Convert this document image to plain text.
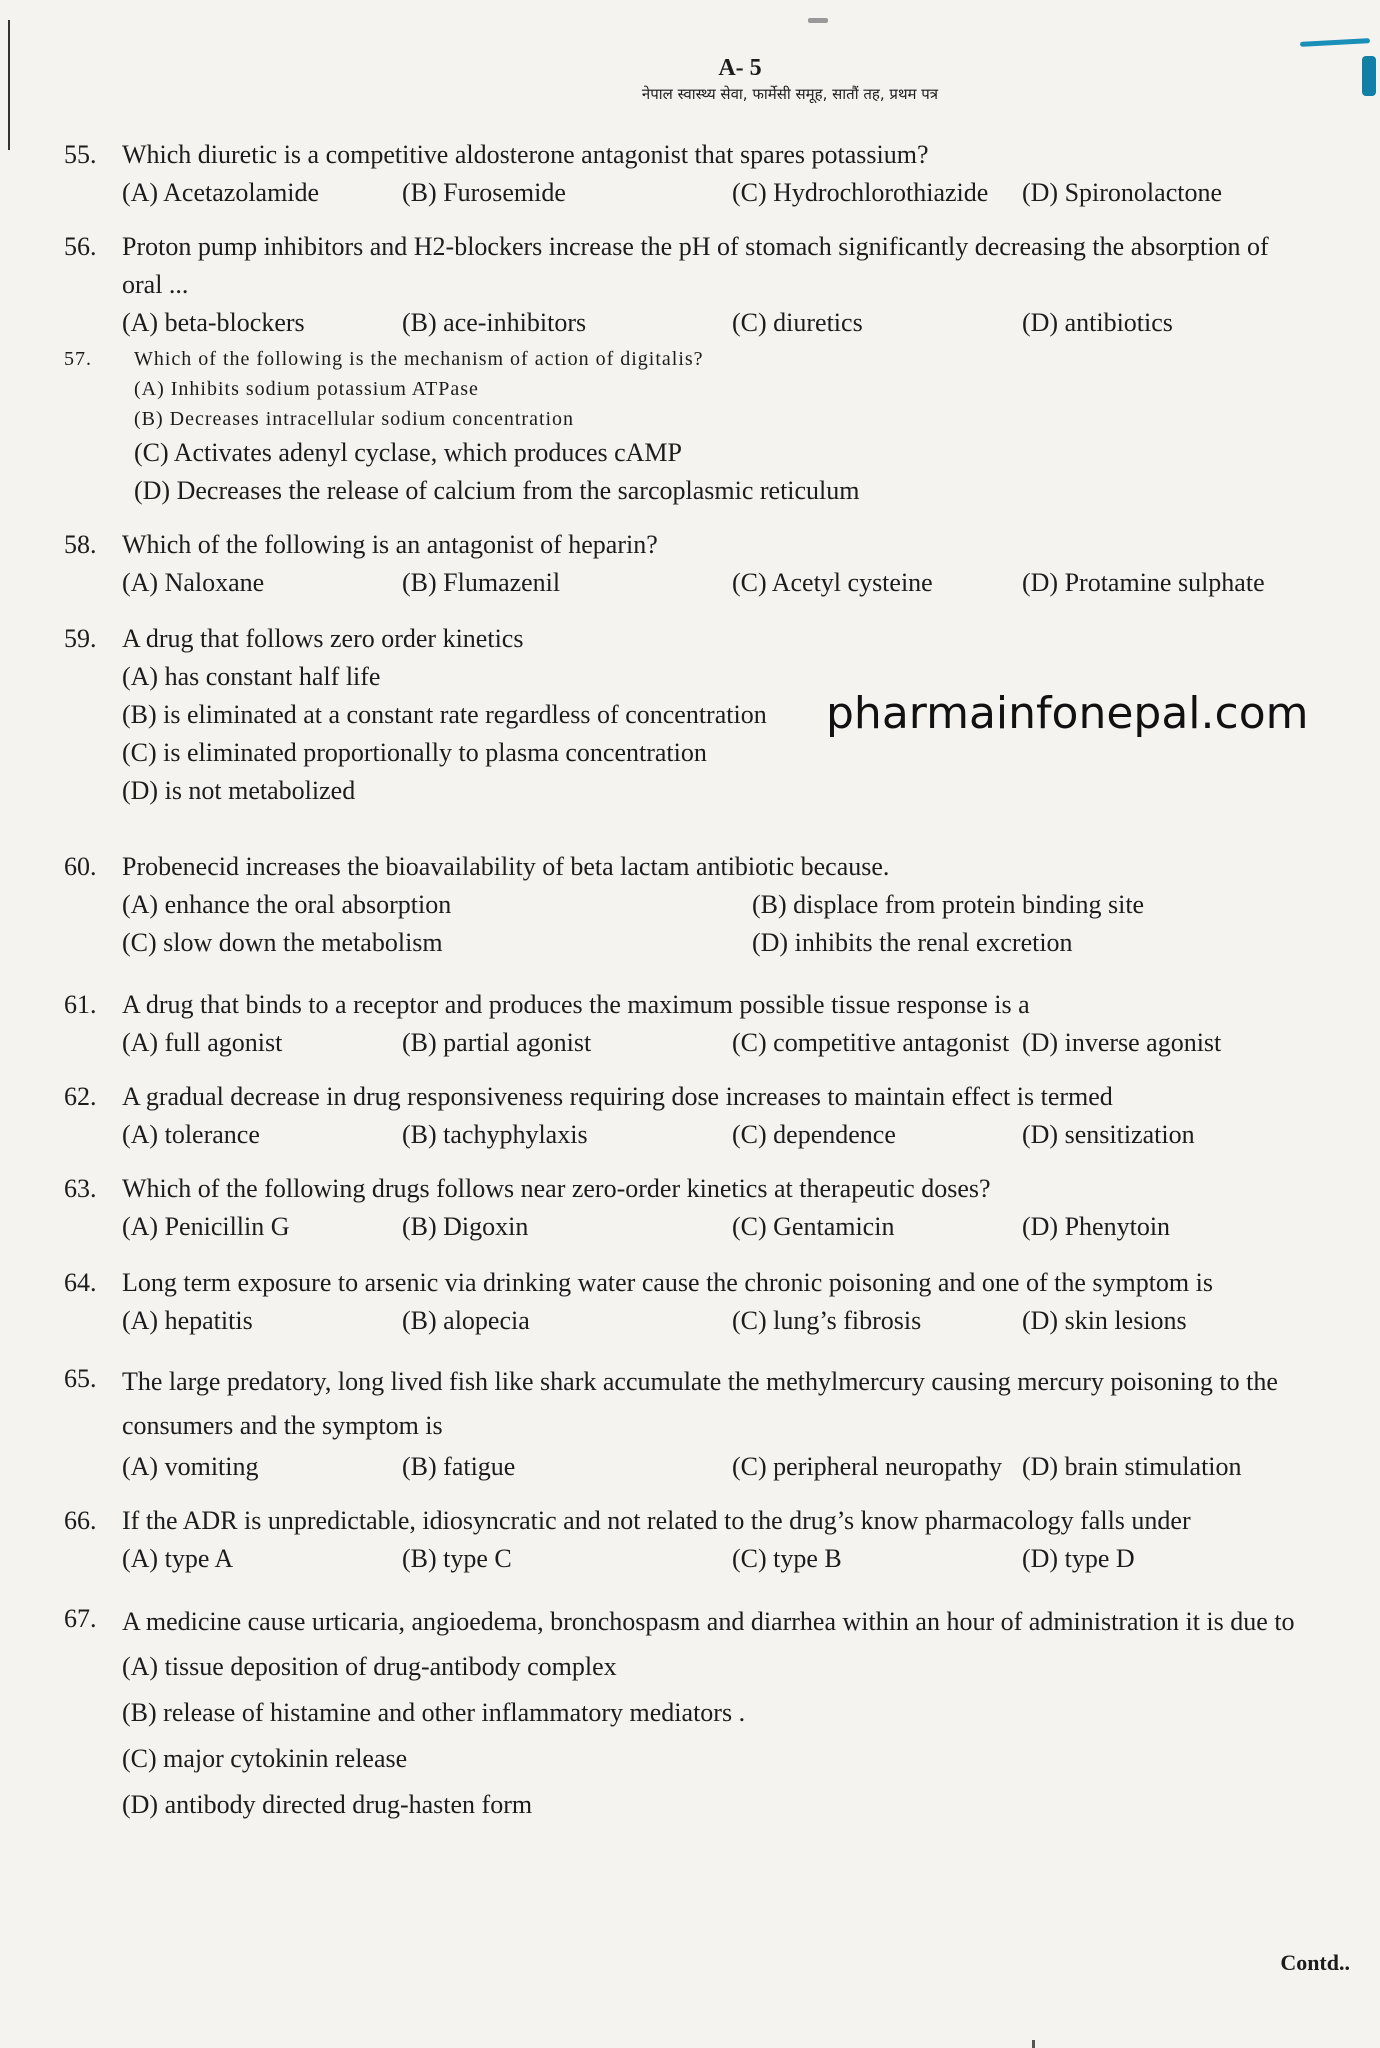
A- 5
नेपाल स्वास्थ्य सेवा, फार्मेसी समूह, सातौं तह, प्रथम पत्र
55. Which diuretic is a competitive aldosterone antagonist that spares potassium?
(A) Acetazolamide	(B) Furosemide	(C) Hydrochlorothiazide (D) Spironolactone
56. Proton pump inhibitors and H2-blockers increase the pH of stomach significantly decreasing the absorption of oral ...
(A) beta-blockers	(B) ace-inhibitors	(C) diuretics	(D) antibiotics
57.	Which of the following is the mechanism of action of digitalis?
(A) Inhibits sodium potassium ATPase
(B) Decreases intracellular sodium concentration
(C) Activates adenyl cyclase, which produces cAMP
(D) Decreases the release of calcium from the sarcoplasmic reticulum
58. Which of the following is an antagonist of heparin?
(A) Naloxane	(B) Flumazenil	(C) Acetyl cysteine	(D) Protamine sulphate
59. A drug that follows zero order kinetics
(A) has constant half life
(B) is eliminated at a constant rate regardless of concentration
(C) is eliminated proportionally to plasma concentration
(D) is not metabolized
pharmainfonepal.com
60. Probenecid increases the bioavailability of beta lactam antibiotic because.
(A) enhance the oral absorption	(B) displace from protein binding site
(C) slow down the metabolism	(D) inhibits the renal excretion
61. A drug that binds to a receptor and produces the maximum possible tissue response is a
(A) full agonist	(B) partial agonist	(C) competitive antagonist (D) inverse agonist
62. A gradual decrease in drug responsiveness requiring dose increases to maintain effect is termed
(A) tolerance	(B) tachyphylaxis	(C) dependence	(D) sensitization
63. Which of the following drugs follows near zero-order kinetics at therapeutic doses?
(A) Penicillin G	(B) Digoxin	(C) Gentamicin	(D) Phenytoin
64. Long term exposure to arsenic via drinking water cause the chronic poisoning and one of the symptom is
(A) hepatitis	(B) alopecia	(C) lung’s fibrosis	(D) skin lesions
65. The large predatory, long lived fish like shark accumulate the methylmercury causing mercury poisoning to the consumers and the symptom is
(A) vomiting	(B) fatigue	(C) peripheral neuropathy (D) brain stimulation
66. If the ADR is unpredictable, idiosyncratic and not related to the drug’s know pharmacology falls under
(A) type A	(B) type C	(C) type B	(D) type D
67. A medicine cause urticaria, angioedema, bronchospasm and diarrhea within an hour of administration it is due to
(A) tissue deposition of drug-antibody complex
(B) release of histamine and other inflammatory mediators .
(C) major cytokinin release
(D) antibody directed drug-hasten form
Contd..
